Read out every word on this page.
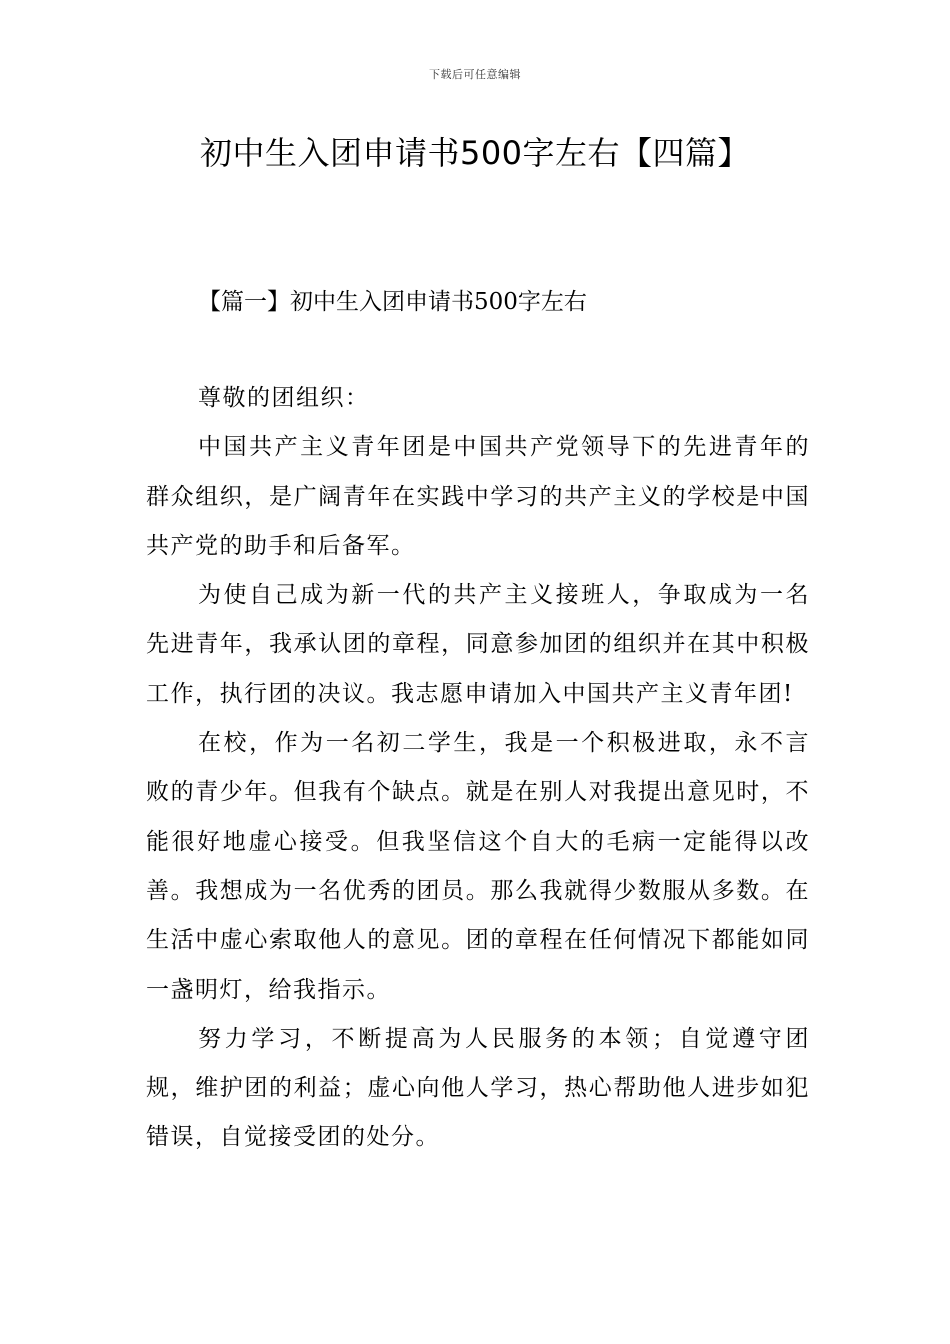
下载后可任意编辑
初中生入团申请书500字左右【四篇】
【篇一】初中生入团申请书500字左右

尊敬的团组织：

中国共产主义青年团是中国共产党领导下的先进青年的群众组织，是广阔青年在实践中学习的共产主义的学校是中国共产党的助手和后备军。

为使自己成为新一代的共产主义接班人，争取成为一名先进青年，我承认团的章程，同意参加团的组织并在其中积极工作，执行团的决议。我志愿申请加入中国共产主义青年团!

在校，作为一名初二学生，我是一个积极进取，永不言败的青少年。但我有个缺点。就是在别人对我提出意见时，不能很好地虚心接受。但我坚信这个自大的毛病一定能得以改善。我想成为一名优秀的团员。那么我就得少数服从多数。在生活中虚心索取他人的意见。团的章程在任何情况下都能如同一盏明灯，给我指示。

努力学习，不断提高为人民服务的本领；自觉遵守团规，维护团的利益；虚心向他人学习，热心帮助他人进步如犯错误，自觉接受团的处分。
